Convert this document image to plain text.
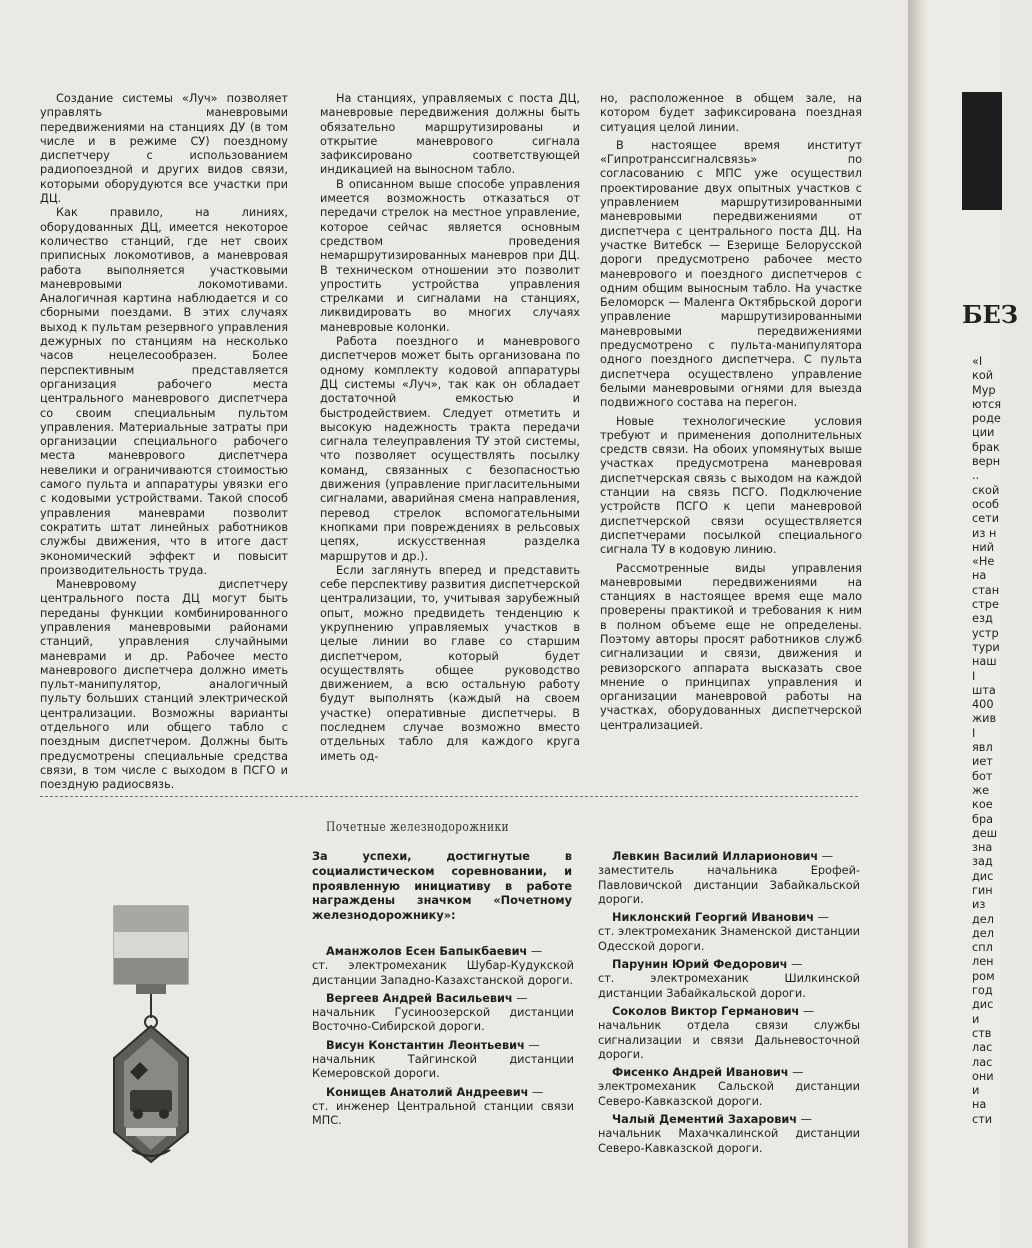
Создание системы «Луч» позволяет управлять маневровыми передвижениями на станциях ДУ (в том числе и в режиме СУ) поездному диспетчеру с использованием радиопоездной и других видов связи, которыми оборудуются все участки при ДЦ.

Как правило, на линиях, оборудованных ДЦ, имеется некоторое количество станций, где нет своих приписных локомотивов, а маневровая работа выполняется участковыми маневровыми локомотивами. Аналогичная картина наблюдается и со сборными поездами. В этих случаях выход к пультам резервного управления дежурных по станциям на несколько часов нецелесообразен. Более перспективным представляется организация рабочего места центрального маневрового диспетчера со своим специальным пультом управления. Материальные затраты при организации специального рабочего места маневрового диспетчера невелики и ограничиваются стоимостью самого пульта и аппаратуры увязки его с кодовыми устройствами. Такой способ управления маневрами позволит сократить штат линейных работников службы движения, что в итоге даст экономический эффект и повысит производительность труда.

Маневровому диспетчеру центрального поста ДЦ могут быть переданы функции комбинированного управления маневровыми районами станций, управления случайными маневрами и др. Рабочее место маневрового диспетчера должно иметь пульт-манипулятор, аналогичный пульту больших станций электрической централизации. Возможны варианты отдельного или общего табло с поездным диспетчером. Должны быть предусмотрены специальные средства связи, в том числе с выходом в ПСГО и поездную радиосвязь.

На станциях, управляемых с поста ДЦ, маневровые передвижения должны быть обязательно маршрутизированы и открытие маневрового сигнала зафиксировано соответствующей индикацией на выносном табло.

В описанном выше способе управления имеется возможность отказаться от передачи стрелок на местное управление, которое сейчас является основным средством проведения немаршрутизированных маневров при ДЦ. В техническом отношении это позволит упростить устройства управления стрелками и сигналами на станциях, ликвидировать во многих случаях маневровые колонки.

Работа поездного и маневрового диспетчеров может быть организована по одному комплекту кодовой аппаратуры ДЦ системы «Луч», так как он обладает достаточной емкостью и быстродействием. Следует отметить и высокую надежность тракта передачи сигнала телеуправления ТУ этой системы, что позволяет осуществлять посылку команд, связанных с безопасностью движения (управление пригласительными сигналами, аварийная смена направления, перевод стрелок вспомогательными кнопками при повреждениях в рельсовых цепях, искусственная разделка маршрутов и др.).

Если заглянуть вперед и представить себе перспективу развития диспетчерской централизации, то, учитывая зарубежный опыт, можно предвидеть тенденцию к укрупнению управляемых участков в целые линии во главе со старшим диспетчером, который будет осуществлять общее руководство движением, а всю остальную работу будут выполнять (каждый на своем участке) оперативные диспетчеры. В последнем случае возможно вместо отдельных табло для каждого круга иметь од-

но, расположенное в общем зале, на котором будет зафиксирована поездная ситуация целой линии.

В настоящее время институт «Гипротранссигналсвязь» по согласованию с МПС уже осуществил проектирование двух опытных участков с управлением маршрутизированными маневровыми передвижениями от диспетчера с центрального поста ДЦ. На участке Витебск — Езерище Белорусской дороги предусмотрено рабочее место маневрового и поездного диспетчеров с одним общим выносным табло. На участке Беломорск — Маленга Октябрьской дороги управление маршрутизированными маневровыми передвижениями предусмотрено с пульта-манипулятора одного поездного диспетчера. С пульта диспетчера осуществлено управление белыми маневровыми огнями для выезда подвижного состава на перегон.

Новые технологические условия требуют и применения дополнительных средств связи. На обоих упомянутых выше участках предусмотрена маневровая диспетчерская связь с выходом на каждой станции на связь ПСГО. Подключение устройств ПСГО к цепи маневровой диспетчерской связи осуществляется диспетчерами посылкой специального сигнала ТУ в кодовую линию.

Рассмотренные виды управления маневровыми передвижениями на станциях в настоящее время еще мало проверены практикой и требования к ним в полном объеме еще не определены. Поэтому авторы просят работников служб сигнализации и связи, движения и ревизорского аппарата высказать свое мнение о принципах управления и организации маневровой работы на участках, оборудованных диспетчерской централизацией.

Почетные железнодорожники
За успехи, достигнутые в социалистическом соревновании, и проявленную инициативу в работе награждены значком «Почетному железнодорожнику»:
Аманжолов Есен Бапыкбаевич —
ст. электромеханик Шубар-Кудукской дистанции Западно-Казахстанской дороги.
Вергеев Андрей Васильевич —
начальник Гусиноозерской дистанции Восточно-Сибирской дороги.
Висун Константин Леонтьевич —
начальник Тайгинской дистанции Кемеровской дороги.
Конищев Анатолий Андреевич —
ст. инженер Центральной станции связи МПС.
Левкин Василий Илларионович —
заместитель начальника Ерофей-Павловичской дистанции Забайкальской дороги.
Никлонский Георгий Иванович —
ст. электромеханик Знаменской дистанции Одесской дороги.
Парунин Юрий Федорович —
ст. электромеханик Шилкинской дистанции Забайкальской дороги.
Соколов Виктор Германович —
начальник отдела связи службы сигнализации и связи Дальневосточной дороги.
Фисенко Андрей Иванович —
электромеханик Сальской дистанции Северо-Кавказской дороги.
Чалый Дементий Захарович —
начальник Махачкалинской дистанции Северо-Кавказской дороги.
БЕЗ
«I
кой
Мур
ются
роде
ции
брак
верн
..
ской
особ
сети
из н
ний
«Не
на
стан
стре
езд
устр
тури
наш
I
шта
400
жив
I
явл
иет
бот
же
кое
бра
деш
зна
зад
дис
гин
из
дел
дел
спл
лен
ром
год
дис
и
ств
лас
лас
они
и
на
сти
